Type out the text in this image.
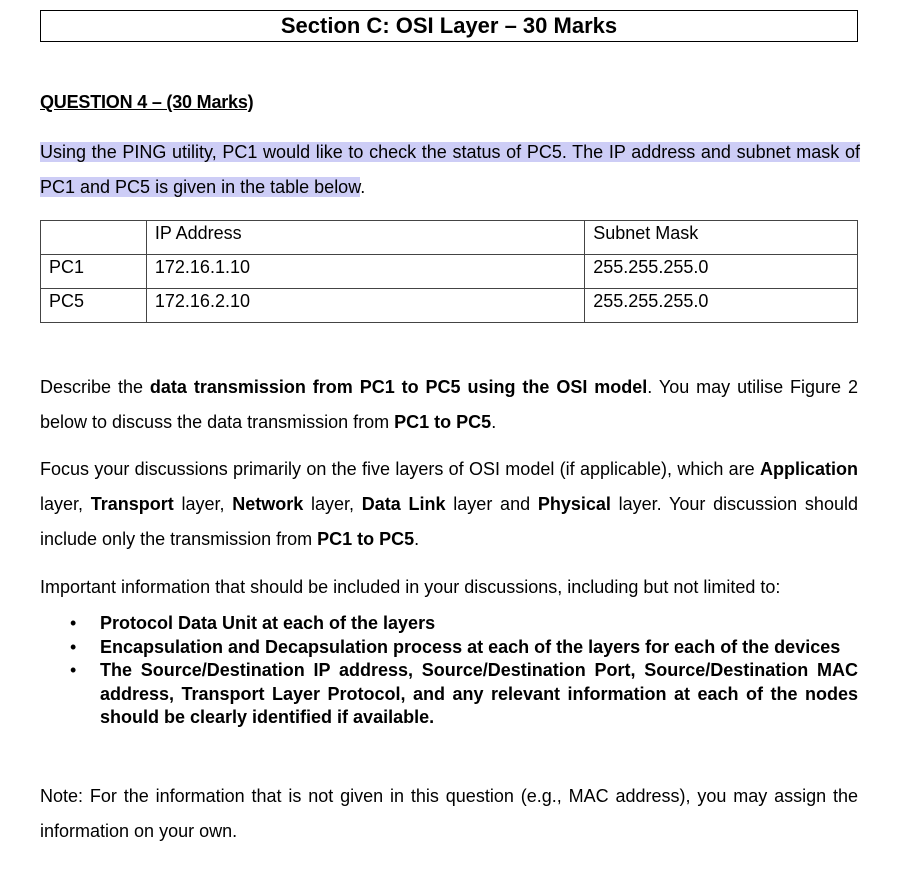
Section C: OSI Layer – 30 Marks
QUESTION 4 – (30 Marks)
Using the PING utility, PC1 would like to check the status of PC5. The IP address and subnet mask of PC1 and PC5 is given in the table below.
	IP Address	Subnet Mask
PC1	172.16.1.10	255.255.255.0
PC5	172.16.2.10	255.255.255.0
Describe the data transmission from PC1 to PC5 using the OSI model. You may utilise Figure 2 below to discuss the data transmission from PC1 to PC5.
Focus your discussions primarily on the five layers of OSI model (if applicable), which are Application layer, Transport layer, Network layer, Data Link layer and Physical layer. Your discussion should include only the transmission from PC1 to PC5.
Important information that should be included in your discussions, including but not limited to:
•	Protocol Data Unit at each of the layers
•	Encapsulation and Decapsulation process at each of the layers for each of the devices
•	The Source/Destination IP address, Source/Destination Port, Source/Destination MAC address, Transport Layer Protocol, and any relevant information at each of the nodes should be clearly identified if available.
Note: For the information that is not given in this question (e.g., MAC address), you may assign the information on your own.
